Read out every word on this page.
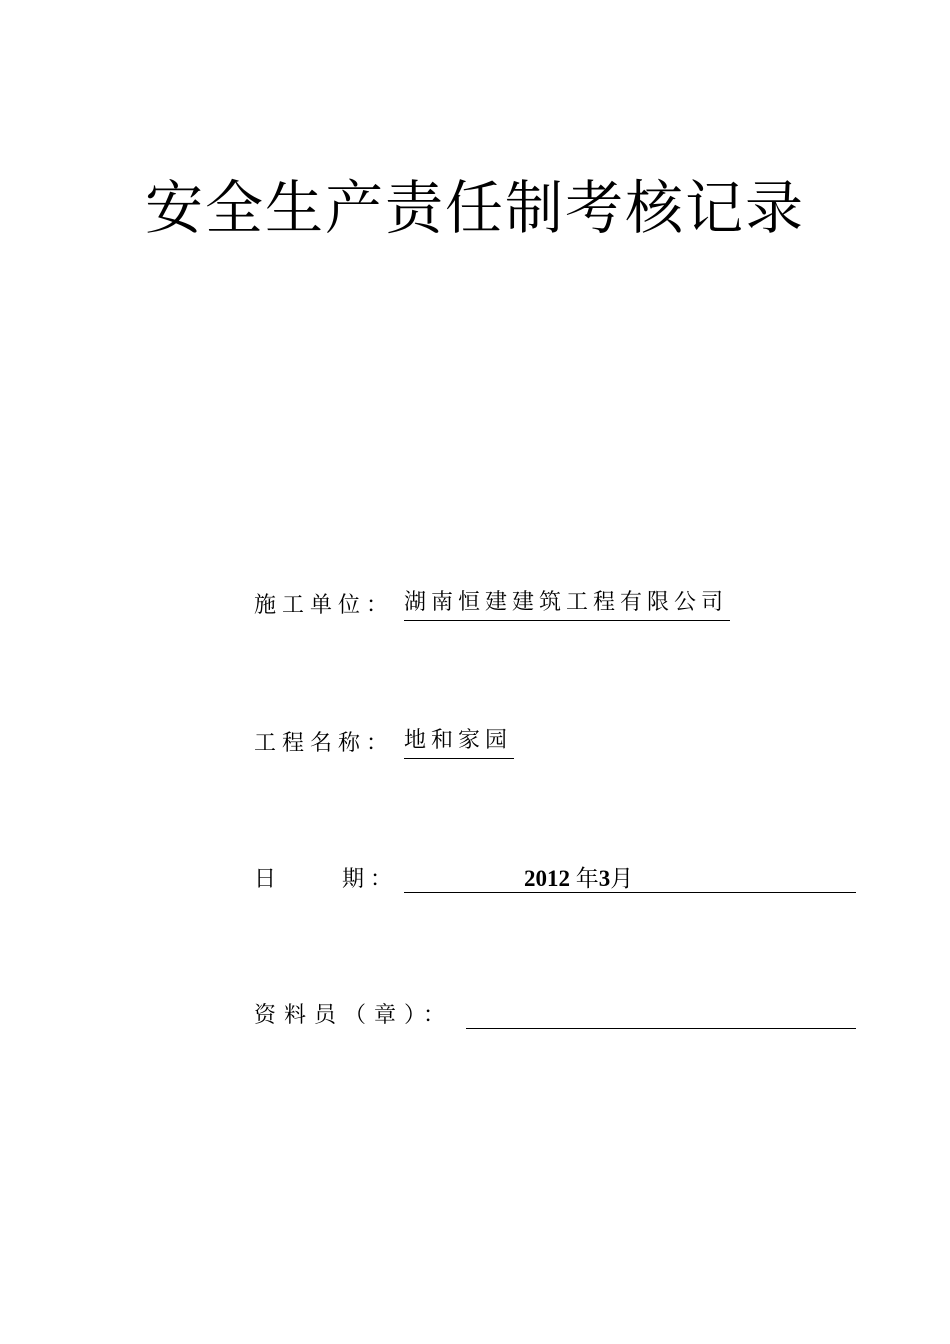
安全生产责任制考核记录
施工单位： 湖南恒建建筑工程有限公司
工程名称： 地和家园
日	期：	2012 年3月
资料员（章）：
